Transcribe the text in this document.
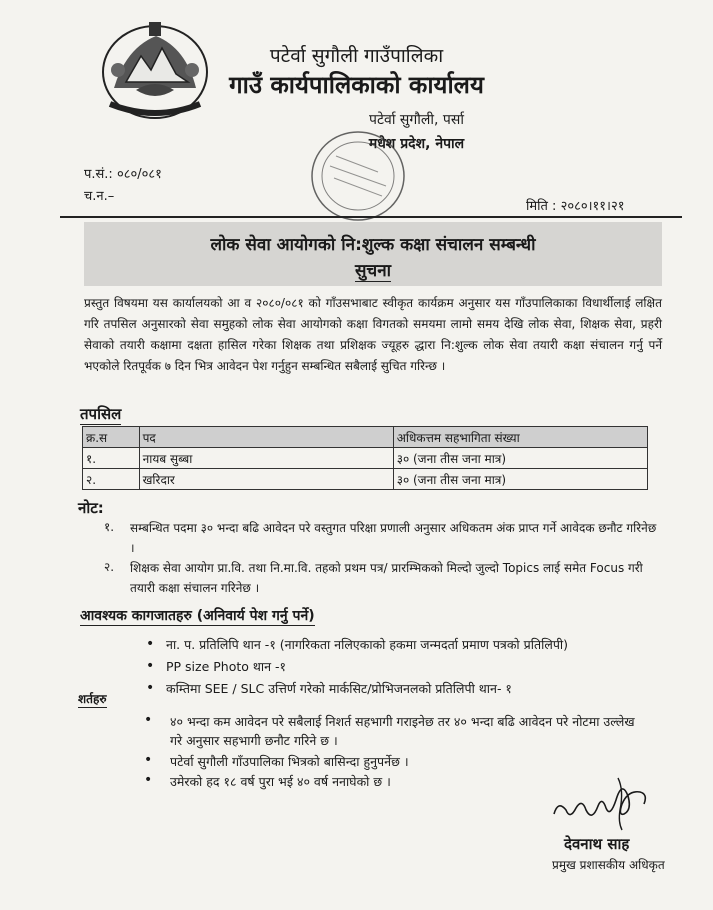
पटेर्वा सुगौली गाउँपालिका
गाउँ कार्यपालिकाको कार्यालय
पटेर्वा सुगौली, पर्सा
मधेश प्रदेश, नेपाल
प.सं.: ०८०/०८१
च.न.–
मिति : २०८०।११।२१
लोक सेवा आयोगको नि:शुल्क कक्षा संचालन सम्बन्धी
सुचना
प्रस्तुत विषयमा यस कार्यालयको आ व २०८०/०८१ को गाँउसभाबाट स्वीकृत कार्यक्रम अनुसार यस गाँउपालिकाका विधार्थीलाई लक्षित गरि तपसिल अनुसारको सेवा समुहको लोक सेवा आयोगको कक्षा विगतको समयमा लामो समय देखि लोक सेवा, शिक्षक सेवा, प्रहरी सेवाको तयारी कक्षामा दक्षता हासिल गरेका शिक्षक तथा प्रशिक्षक ज्यूहरु द्धारा नि:शुल्क लोक सेवा तयारी कक्षा संचालन गर्नु पर्ने भएकोले रितपूर्वक ७ दिन भित्र आवेदन पेश गर्नुहुन सम्बन्धित सबैलाई सुचित गरिन्छ ।
तपसिल
क्र.स	पद	अधिकत्तम सहभागिता संख्या
१.	नायब सुब्बा	३० (जना तीस जना मात्र)
२.	खरिदार	३० (जना तीस जना मात्र)
नोट:
१. सम्बन्धित पदमा ३० भन्दा बढि आवेदन परे वस्तुगत परिक्षा प्रणाली अनुसार अधिकतम अंक प्राप्त गर्ने आवेदक छनौट गरिनेछ ।
२. शिक्षक सेवा आयोग प्रा.वि. तथा नि.मा.वि. तहको प्रथम पत्र/ प्रारम्भिकको मिल्दो जुल्दो Topics लाई समेत Focus गरी तयारी कक्षा संचालन गरिनेछ ।
आवश्यक कागजातहरु (अनिवार्य पेश गर्नु पर्ने)
• ना. प. प्रतिलिपि थान -१ (नागरिकता नलिएकाको हकमा जन्मदर्ता प्रमाण पत्रको प्रतिलिपी)
• PP size Photo थान -१
• कम्तिमा SEE / SLC उत्तिर्ण गरेको मार्कसिट/प्रोभिजनलको प्रतिलिपी थान- १
शर्तहरु
• ४० भन्दा कम आवेदन परे सबैलाई निशर्त सहभागी गराइनेछ तर ४० भन्दा बढि आवेदन परे नोटमा उल्लेख गरे अनुसार सहभागी छनौट गरिने छ ।
• पटेर्वा सुगौली गाँउपालिका भित्रको बासिन्दा हुनुपर्नेछ ।
• उमेरको हद १८ वर्ष पुरा भई ४० वर्ष ननाघेको छ ।
देवनाथ साह
प्रमुख प्रशासकीय अधिकृत
